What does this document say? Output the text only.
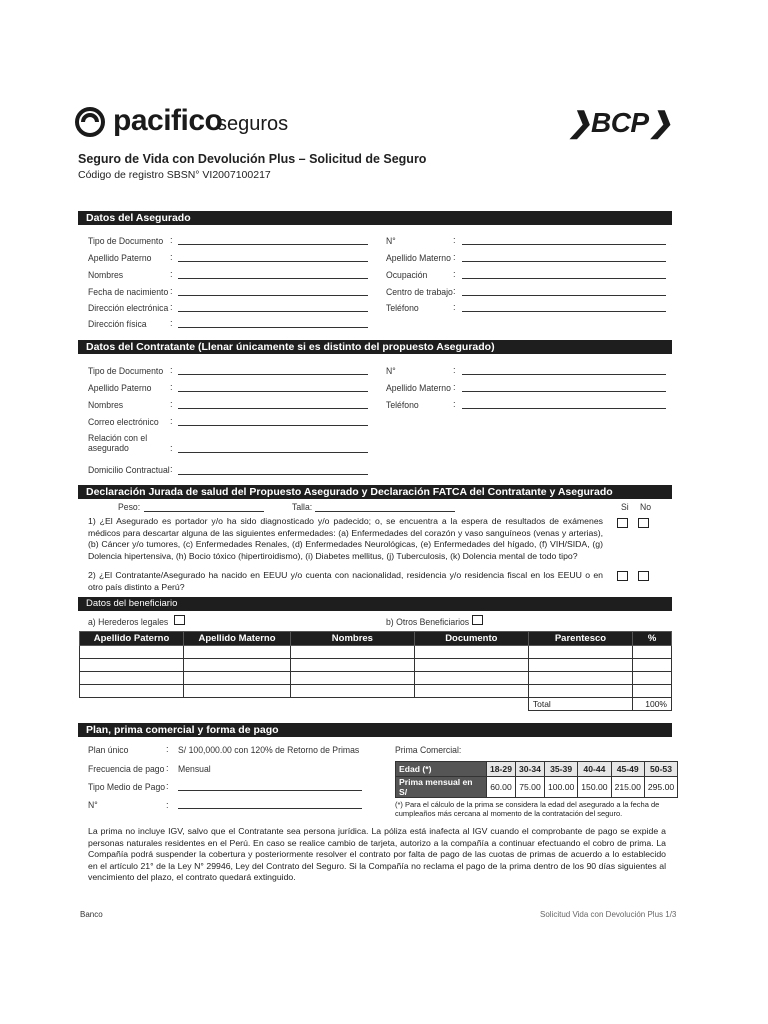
pacifico
seguros	❯BCP❯
Seguro de Vida con Devolución Plus – Solicitud de Seguro
Código de registro SBSN° VI2007100217
Datos del Asegurado
Tipo de Documento :
Apellido Paterno :
Nombres	:
Fecha de nacimiento :
Dirección electrónica :
Dirección física	:
N°	:
Apellido Materno :
Ocupación	:
Centro de trabajo :
Teléfono	:
Datos del Contratante (Llenar únicamente si es distinto del propuesto Asegurado)
Tipo de Documento :
Apellido Paterno :
Nombres	:
Correo electrónico :
Relación con el
asegurado	:
Domicilio Contractual :
N°	:
Apellido Materno :
Teléfono	:
Declaración Jurada de salud del Propuesto Asegurado y Declaración FATCA del Contratante y Asegurado
Peso:	Talla:	Si No
1) ¿El Asegurado es portador y/o ha sido diagnosticado y/o padecido; o, se encuentra a la espera de resultados de exámenes médicos para descartar alguna de las siguientes enfermedades: (a) Enfermedades del corazón y vaso sanguíneos (venas y arterias), (b) Cáncer y/o tumores, (c) Enfermedades Renales, (d) Enfermedades Neurológicas, (e) Enfermedades del hígado, (f) VIH/SIDA, (g) Dolencia hipertensiva, (h) Bocio tóxico (hipertiroidismo), (i) Diabetes mellitus, (j) Tuberculosis, (k) Dolencia mental de todo tipo?
2) ¿El Contratante/Asegurado ha nacido en EEUU y/o cuenta con nacionalidad, residencia y/o residencia fiscal en los EEUU o en otro país distinto a Perú?
Datos del beneficiario
a) Herederos legales	b) Otros Beneficiarios
Apellido Paterno	Apellido Materno	Nombres	Documento	Parentesco	%

				Total	100%
Plan, prima comercial y forma de pago
Plan único	: S/ 100,000.00 con 120% de Retorno de Primas
Frecuencia de pago : Mensual
Tipo Medio de Pago :
N°	:
Prima Comercial:
Edad (*)	18-29	30-34	35-39	40-44	45-49	50-53
Prima mensual en S/	60.00	75.00	100.00	150.00	215.00	295.00
(*) Para el cálculo de la prima se considera la edad del asegurado a la fecha de cumpleaños más cercana al momento de la contratación del seguro.
La prima no incluye IGV, salvo que el Contratante sea persona jurídica. La póliza está inafecta al IGV cuando el comprobante de pago se expide a personas naturales residentes en el Perú. En caso se realice cambio de tarjeta, autorizo a la compañía a continuar efectuando el cobro de prima. La Compañía podrá suspender la cobertura y posteriormente resolver el contrato por falta de pago de las cuotas de primas de acuerdo a lo establecido en el artículo 21° de la Ley N° 29946, Ley del Contrato del Seguro. Si la Compañía no reclama el pago de la prima dentro de los 90 días siguientes al vencimiento del plazo, el contrato quedará extinguido.
Banco	Solicitud Vida con Devolución Plus 1/3
